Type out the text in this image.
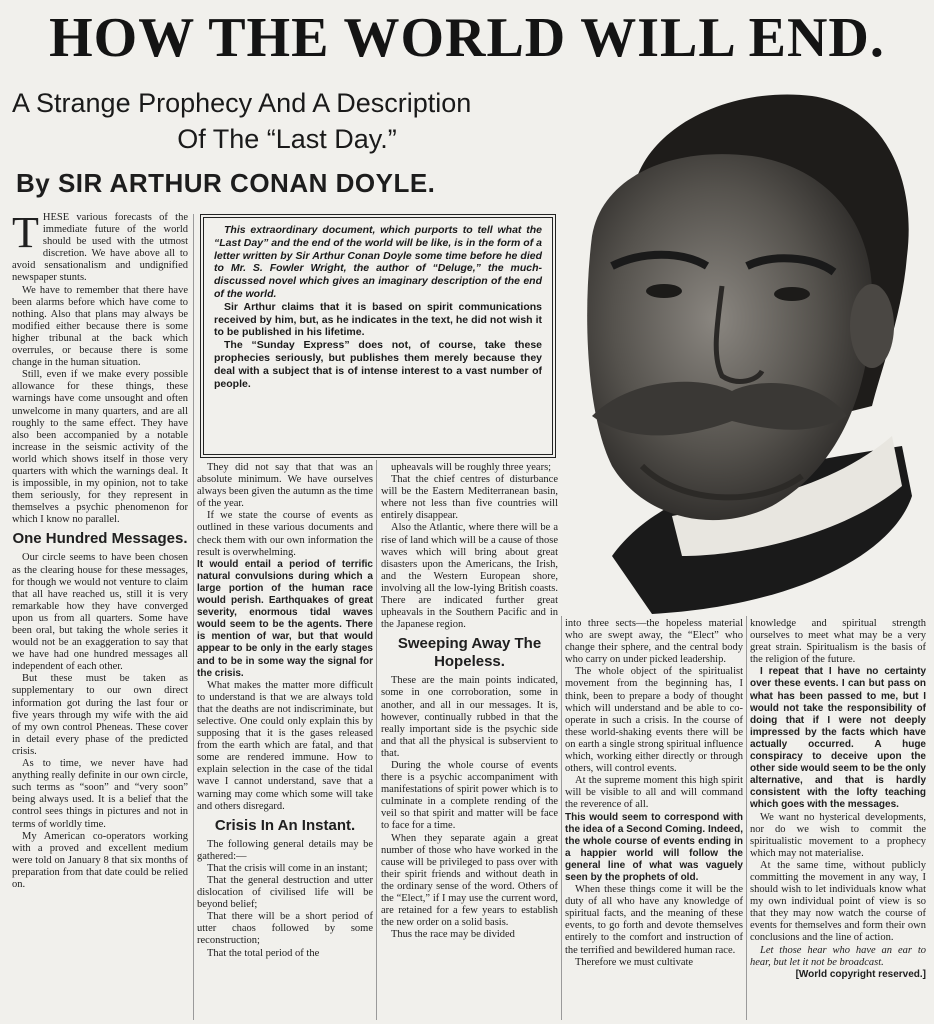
HOW THE WORLD WILL END.
A Strange Prophecy And A Description
Of The “Last Day.”
By SIR ARTHUR CONAN DOYLE.

This extraordinary document, which purports to tell what the “Last Day” and the end of the world will be like, is in the form of a letter written by Sir Arthur Conan Doyle some time before he died to Mr. S. Fowler Wright, the author of “Deluge,” the much-discussed novel which gives an imaginary description of the end of the world.

Sir Arthur claims that it is based on spirit communications received by him, but, as he indicates in the text, he did not wish it to be published in his lifetime.

The “Sunday Express” does not, of course, take these prophecies seriously, but publishes them merely because they deal with a subject that is of intense interest to a vast number of people.

THESE various forecasts of the immediate future of the world should be used with the utmost discretion. We have above all to avoid sensationalism and undignified newspaper stunts.

We have to remember that there have been alarms before which have come to nothing. Also that plans may always be modified either because there is some higher tribunal at the back which overrules, or because there is some change in the human situation.

Still, even if we make every possible allowance for these things, these warnings have come unsought and often unwelcome in many quarters, and are all roughly to the same effect. They have also been accompanied by a notable increase in the seismic activity of the world which shows itself in those very quarters with which the warnings deal. It is impossible, in my opinion, not to take them seriously, for they represent in themselves a psychic phenomenon for which I know no parallel.

One Hundred Messages.

Our circle seems to have been chosen as the clearing house for these messages, for though we would not venture to claim that all have reached us, still it is very remarkable how they have converged upon us from all quarters. Some have been oral, but taking the whole series it would not be an exaggeration to say that we have had one hundred messages all independent of each other.

But these must be taken as supplementary to our own direct information got during the last four or five years through my wife with the aid of my own control Pheneas. These cover in detail every phase of the predicted crisis.

As to time, we never have had anything really definite in our own circle, such terms as “soon” and “very soon” being always used. It is a belief that the control sees things in pictures and not in terms of worldly time.

My American co-operators working with a proved and excellent medium were told on January 8 that six months of preparation from that date could be relied on.

They did not say that that was an absolute minimum. We have ourselves always been given the autumn as the time of the year.

If we state the course of events as outlined in these various documents and check them with our own information the result is overwhelming.

It would entail a period of terrific natural convulsions during which a large portion of the human race would perish. Earthquakes of great severity, enormous tidal waves would seem to be the agents. There is mention of war, but that would appear to be only in the early stages and to be in some way the signal for the crisis.

What makes the matter more difficult to understand is that we are always told that the deaths are not indiscriminate, but selective. One could only explain this by supposing that it is the gases released from the earth which are fatal, and that some are rendered immune. How to explain selection in the case of the tidal wave I cannot understand, save that a warning may come which some will take and others disregard.

Crisis In An Instant.

The following general details may be gathered:—

That the crisis will come in an instant;

That the general destruction and utter dislocation of civilised life will be beyond belief;

That there will be a short period of utter chaos followed by some reconstruction;

That the total period of the

upheavals will be roughly three years;

That the chief centres of disturbance will be the Eastern Mediterranean basin, where not less than five countries will entirely disappear.

Also the Atlantic, where there will be a rise of land which will be a cause of those waves which will bring about great disasters upon the Americans, the Irish, and the Western European shore, involving all the low-lying British coasts. There are indicated further great upheavals in the Southern Pacific and in the Japanese region.

Sweeping Away The Hopeless.

These are the main points indicated, some in one corroboration, some in another, and all in our messages. It is, however, continually rubbed in that the really important side is the psychic side and that all the physical is subservient to that.

During the whole course of events there is a psychic accompaniment with manifestations of spirit power which is to culminate in a complete rending of the veil so that spirit and matter will be face to face for a time.

When they separate again a great number of those who have worked in the cause will be privileged to pass over with their spirit friends and without death in the ordinary sense of the word. Others of the “Elect,” if I may use the current word, are retained for a few years to establish the new order on a solid basis.

Thus the race may be divided

into three sects—the hopeless material who are swept away, the “Elect” who change their sphere, and the central body who carry on under picked leadership.

The whole object of the spiritualist movement from the beginning has, I think, been to prepare a body of thought which will understand and be able to co-operate in such a crisis. In the course of these world-shaking events there will be on earth a single strong spiritual influence which, working either directly or through others, will control events.

At the supreme moment this high spirit will be visible to all and will command the reverence of all.

This would seem to correspond with the idea of a Second Coming. Indeed, the whole course of events ending in a happier world will follow the general line of what was vaguely seen by the prophets of old.

When these things come it will be the duty of all who have any knowledge of spiritual facts, and the meaning of these events, to go forth and devote themselves entirely to the comfort and instruction of the terrified and bewildered human race.

Therefore we must cultivate

knowledge and spiritual strength ourselves to meet what may be a very great strain. Spiritualism is the basis of the religion of the future.

I repeat that I have no certainty over these events. I can but pass on what has been passed to me, but I would not take the responsibility of doing that if I were not deeply impressed by the facts which have actually occurred. A huge conspiracy to deceive upon the other side would seem to be the only alternative, and that is hardly consistent with the lofty teaching which goes with the messages.

We want no hysterical developments, nor do we wish to commit the spiritualistic movement to a prophecy which may not materialise.

At the same time, without publicly committing the movement in any way, I should wish to let individuals know what my own individual point of view is so that they may now watch the course of events for themselves and form their own conclusions and the line of action.

Let those hear who have an ear to hear, but let it not be broadcast.

[World copyright reserved.]
